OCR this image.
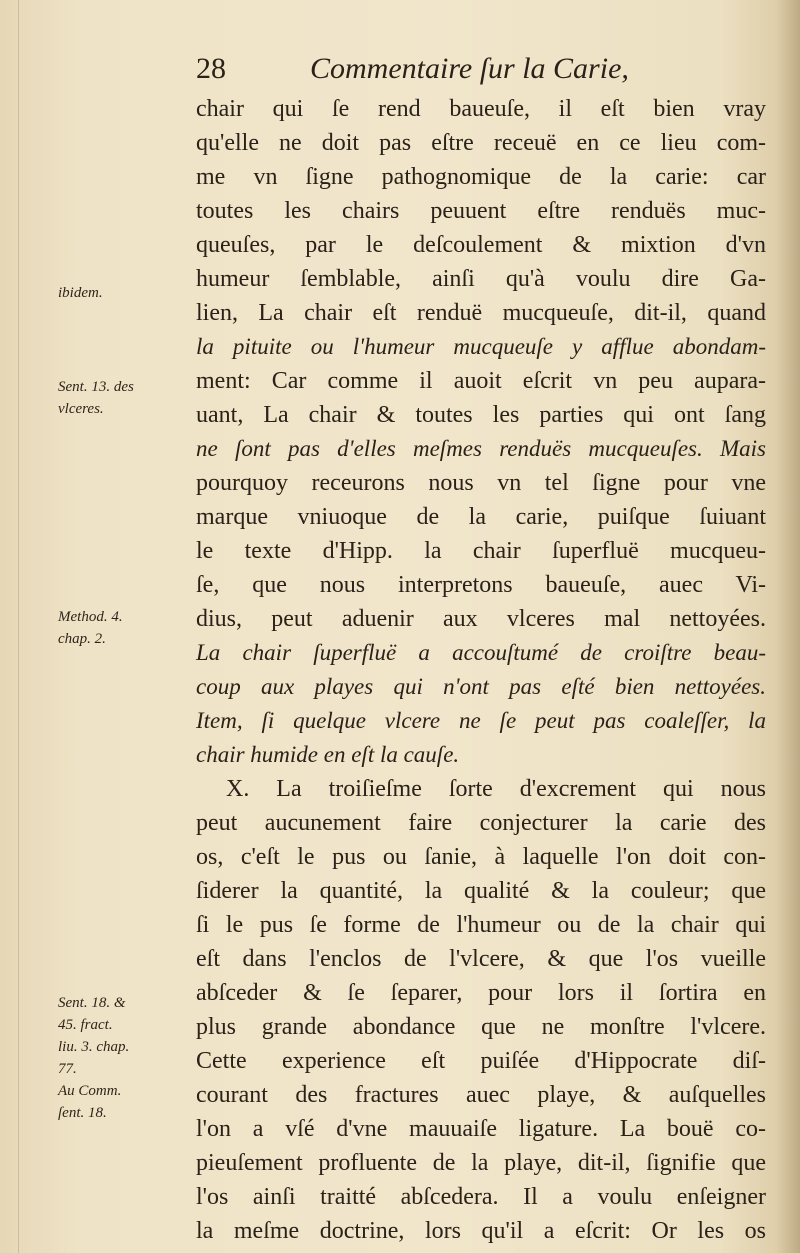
28	Commentaire ſur la Carie,
ibidem.
Sent. 13. des
vlceres.
Method. 4.
chap. 2.
Sent. 18. &
45. fract.
liu. 3. chap.
77.
Au Comm.
ſent. 18.
chair qui ſe rend baueuſe, il eſt bien vray
qu'elle ne doit pas eſtre receuë en ce lieu com-
me vn ſigne pathognomique de la carie: car
toutes les chairs peuuent eſtre renduës muc-
queuſes, par le deſcoulement & mixtion d'vn
humeur ſemblable, ainſi qu'à voulu dire Ga-
lien, La chair eſt renduë mucqueuſe, dit-il, quand
la pituite ou l'humeur mucqueuſe y afflue abondam-
ment: Car comme il auoit eſcrit vn peu aupara-
uant, La chair & toutes les parties qui ont ſang
ne ſont pas d'elles meſmes renduës mucqueuſes. Mais
pourquoy receurons nous vn tel ſigne pour vne
marque vniuoque de la carie, puiſque ſuiuant
le texte d'Hipp. la chair ſuperfluë mucqueu-
ſe, que nous interpretons baueuſe, auec Vi-
dius, peut aduenir aux vlceres mal nettoyées.
La chair ſuperfluë a accouſtumé de croiſtre beau-
coup aux playes qui n'ont pas eſté bien nettoyées.
Item, ſi quelque vlcere ne ſe peut pas coaleſſer, la
chair humide en eſt la cauſe.
X. La troiſieſme ſorte d'excrement qui nous
peut aucunement faire conjecturer la carie des
os, c'eſt le pus ou ſanie, à laquelle l'on doit con-
ſiderer la quantité, la qualité & la couleur; que
ſi le pus ſe forme de l'humeur ou de la chair qui
eſt dans l'enclos de l'vlcere, & que l'os vueille
abſceder & ſe ſeparer, pour lors il ſortira en
plus grande abondance que ne monſtre l'vlcere.
Cette experience eſt puiſée d'Hippocrate diſ-
courant des fractures auec playe, & auſquelles
l'on a vſé d'vne mauuaiſe ligature. La bouë co-
pieuſement profluente de la playe, dit-il, ſignifie que
l'os ainſi traitté abſcedera. Il a voulu enſeigner
la meſme doctrine, lors qu'il a eſcrit: Or les os
